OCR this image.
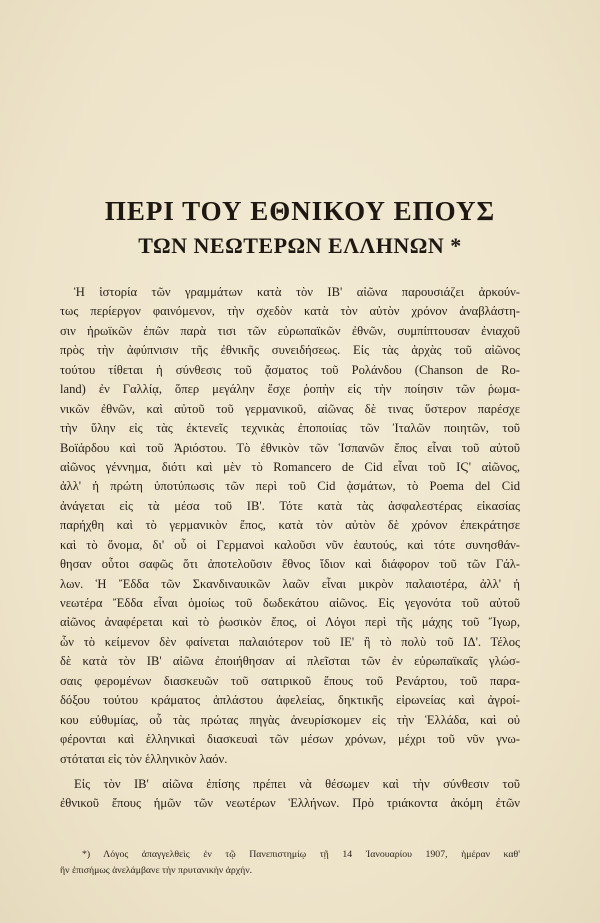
ΠΕΡΙ ΤΟΥ ΕΘΝΙΚΟΥ ΕΠΟΥΣ
ΤΩΝ ΝΕΩΤΕΡΩΝ ΕΛΛΗΝΩΝ *
Ἡ ἱστορία τῶν γραμμάτων κατὰ τὸν ΙΒ' αἰῶνα παρουσιάζει ἀρκούν-
τως περίεργον φαινόμενον, τὴν σχεδὸν κατὰ τὸν αὐτὸν χρόνον ἀναβλάστη-
σιν ἡρωϊκῶν ἐπῶν παρὰ τισι τῶν εὐρωπαϊκῶν ἐθνῶν, συμπίπτουσαν ἐνιαχοῦ
πρὸς τὴν ἀφύπνισιν τῆς ἐθνικῆς συνειδήσεως. Εἰς τὰς ἀρχὰς τοῦ αἰῶνος
τούτου τίθεται ἡ σύνθεσις τοῦ ᾄσματος τοῦ Ρολάνδου (Chanson de Ro-
land) ἐν Γαλλίᾳ, ὅπερ μεγάλην ἔσχε ῥοπὴν εἰς τὴν ποίησιν τῶν ῥωμα-
νικῶν ἐθνῶν, καὶ αὐτοῦ τοῦ γερμανικοῦ, αἰῶνας δὲ τινας ὕστερον παρέσχε
τὴν ὕλην εἰς τὰς ἐκτενεῖς τεχνικὰς ἐποποιίας τῶν Ἰταλῶν ποιητῶν, τοῦ
Βοϊάρδου καὶ τοῦ Ἀριόστου. Τὸ ἐθνικὸν τῶν Ἱσπανῶν ἔπος εἶναι τοῦ αὐτοῦ
αἰῶνος γέννημα, διότι καὶ μὲν τὸ Romancero de Cid εἶναι τοῦ ΙϚ' αἰῶνος,
ἀλλ' ἡ πρώτη ὑποτύπωσις τῶν περὶ τοῦ Cid ᾀσμάτων, τὸ Poema del Cid
ἀνάγεται εἰς τὰ μέσα τοῦ ΙΒ'. Τότε κατὰ τὰς ἀσφαλεστέρας εἰκασίας
παρήχθη καὶ τὸ γερμανικὸν ἔπος, κατὰ τὸν αὐτὸν δὲ χρόνον ἐπεκράτησε
καὶ τὸ ὄνομα, δι' οὗ οἱ Γερμανοὶ καλοῦσι νῦν ἑαυτούς, καὶ τότε συνησθάν-
θησαν οὗτοι σαφῶς ὅτι ἀποτελοῦσιν ἔθνος ἴδιον καὶ διάφορον τοῦ τῶν Γάλ-
λων. Ἡ Ἔδδα τῶν Σκανδιναυικῶν λαῶν εἶναι μικρὸν παλαιοτέρα, ἀλλ' ἡ
νεωτέρα Ἔδδα εἶναι ὁμοίως τοῦ δωδεκάτου αἰῶνος. Εἰς γεγονότα τοῦ αὐτοῦ
αἰῶνος ἀναφέρεται καὶ τὸ ῥωσικὸν ἔπος, οἱ Λόγοι περὶ τῆς μάχης τοῦ Ἴγωρ,
ὧν τὸ κείμενον δὲν φαίνεται παλαιότερον τοῦ ΙΕ' ἢ τὸ πολὺ τοῦ ΙΔ'. Τέλος
δὲ κατὰ τὸν ΙΒ' αἰῶνα ἐποιήθησαν αἱ πλεῖσται τῶν ἐν εὐρωπαϊκαῖς γλώσ-
σαις φερομένων διασκευῶν τοῦ σατιρικοῦ ἔπους τοῦ Ρενάρτου, τοῦ παρα-
δόξου τούτου κράματος ἁπλάστου ἀφελείας, δηκτικῆς εἰρωνείας καὶ ἀγροί-
κου εὐθυμίας, οὗ τὰς πρώτας πηγὰς ἀνευρίσκομεν εἰς τὴν Ἑλλάδα, καὶ οὐ
φέρονται καὶ ἑλληνικαὶ διασκευαὶ τῶν μέσων χρόνων, μέχρι τοῦ νῦν γνω-
στόταται εἰς τὸν ἑλληνικὸν λαόν.
Εἰς τὸν ΙΒ' αἰῶνα ἐπίσης πρέπει νὰ θέσωμεν καὶ τὴν σύνθεσιν τοῦ
ἐθνικοῦ ἔπους ἡμῶν τῶν νεωτέρων Ἑλλήνων. Πρὸ τριάκοντα ἀκόμη ἐτῶν
*) Λόγος ἀπαγγελθεὶς ἐν τῷ Πανεπιστημίῳ τῇ 14 Ἰανουαρίου 1907, ἡμέραν καθ'
ἣν ἐπισήμως ἀνελάμβανε τὴν πρυτανικὴν ἀρχήν.
